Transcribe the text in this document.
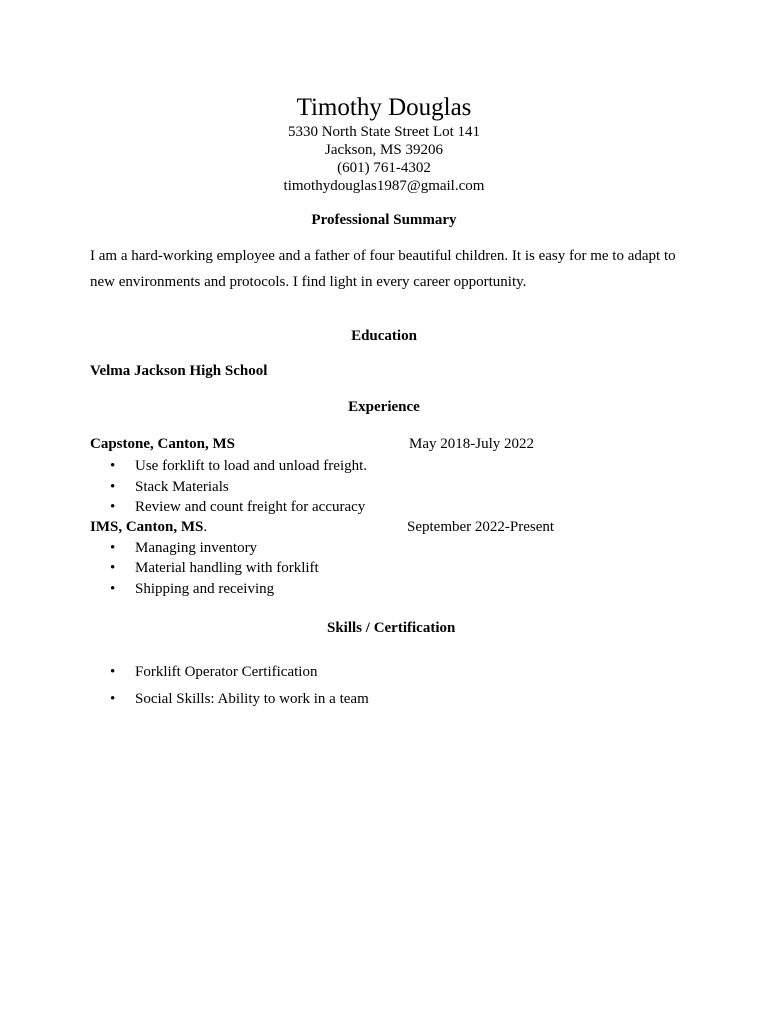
Timothy Douglas
5330 North State Street Lot 141
Jackson, MS 39206
(601) 761-4302
timothydouglas1987@gmail.com
Professional Summary
I am a hard-working employee and a father of four beautiful children. It is easy for me to adapt to new environments and protocols. I find light in every career opportunity.
Education
Velma Jackson High School
Experience
Capstone, Canton, MS	May 2018-July 2022
• Use forklift to load and unload freight.
• Stack Materials
• Review and count freight for accuracy
IMS, Canton, MS.	September 2022-Present
• Managing inventory
• Material handling with forklift
• Shipping and receiving
Skills / Certification
• Forklift Operator Certification
• Social Skills: Ability to work in a team
